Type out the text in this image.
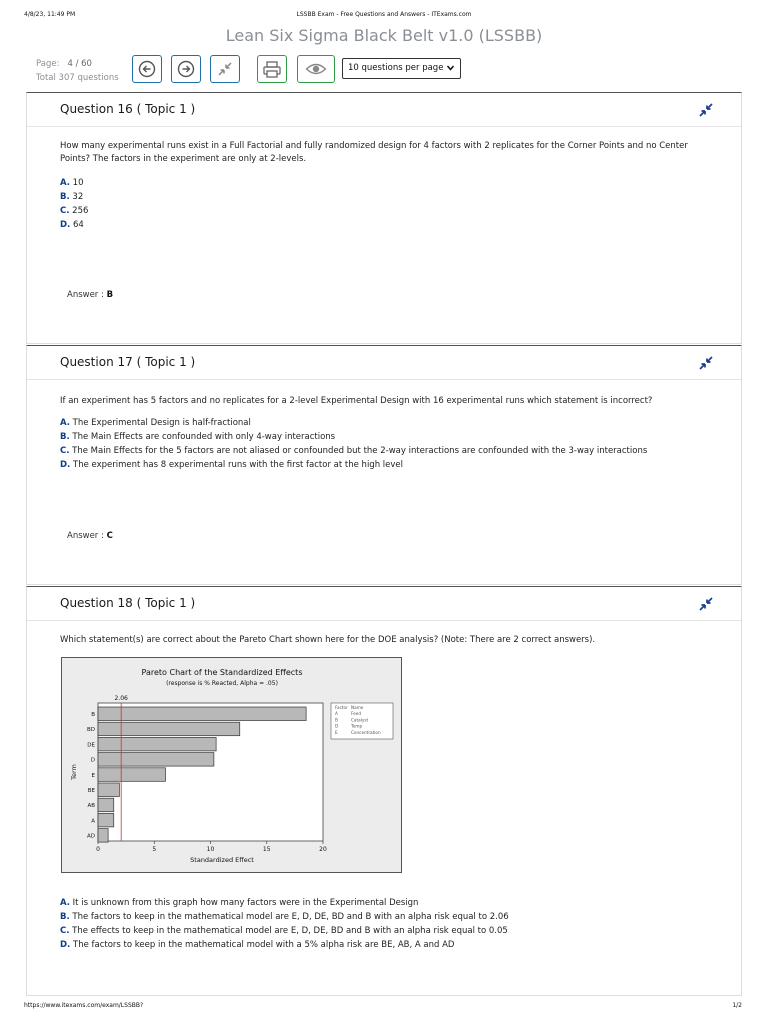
4/8/23, 11:49 PM	LSSBB Exam - Free Questions and Answers - ITExams.com
Lean Six Sigma Black Belt v1.0 (LSSBB)
Page: 4 / 60
Total 307 questions
10 questions per page
Question 16 ( Topic 1 )
How many experimental runs exist in a Full Factorial and fully randomized design for 4 factors with 2 replicates for the Corner Points and no Center Points? The factors in the experiment are only at 2-levels.
A. 10
B. 32
C. 256
D. 64
Answer : B
Question 17 ( Topic 1 )
If an experiment has 5 factors and no replicates for a 2-level Experimental Design with 16 experimental runs which statement is incorrect?
A. The Experimental Design is half-fractional
B. The Main Effects are confounded with only 4-way interactions
C. The Main Effects for the 5 factors are not aliased or confounded but the 2-way interactions are confounded with the 3-way interactions
D. The experiment has 8 experimental runs with the first factor at the high level
Answer : C
Question 18 ( Topic 1 )
Which statement(s) are correct about the Pareto Chart shown here for the DOE analysis? (Note: There are 2 correct answers).
Pareto Chart of the Standardized Effects
(response is % Reacted, Alpha = .05)
Standardized Effect
Term
B
BD
DE
D
E
BE
AB
A
AD
0	5	10	15	20
2.06
Factor Name
A	Feed
B	Catalyst
D	Temp
E	Concentration
A. It is unknown from this graph how many factors were in the Experimental Design
B. The factors to keep in the mathematical model are E, D, DE, BD and B with an alpha risk equal to 2.06
C. The effects to keep in the mathematical model are E, D, DE, BD and B with an alpha risk equal to 0.05
D. The factors to keep in the mathematical model with a 5% alpha risk are BE, AB, A and AD
https://www.itexams.com/exam/LSSBB?	1/2
